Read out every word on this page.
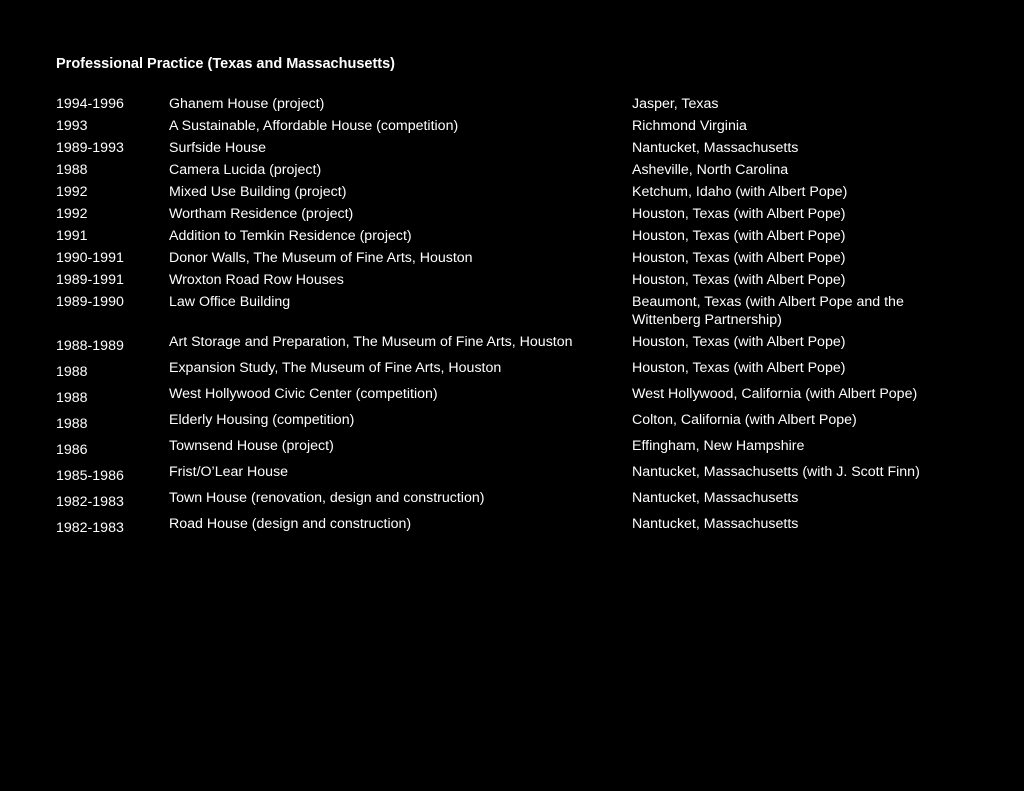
Professional Practice (Texas and Massachusetts)
1994-1996	Ghanem House (project)	Jasper, Texas
1993	A Sustainable, Affordable House (competition)	Richmond Virginia
1989-1993	Surfside House	Nantucket, Massachusetts
1988	Camera Lucida (project)	Asheville, North Carolina
1992	Mixed Use Building (project)	Ketchum, Idaho (with Albert Pope)
1992	Wortham Residence (project)	Houston, Texas (with Albert Pope)
1991	Addition to Temkin Residence (project)	Houston, Texas (with Albert Pope)
1990-1991	Donor Walls, The Museum of Fine Arts, Houston	Houston, Texas (with Albert Pope)
1989-1991	Wroxton Road Row Houses	Houston, Texas (with Albert Pope)
1989-1990	Law Office Building	Beaumont, Texas (with Albert Pope and the Wittenberg Partnership)
1988-1989	Art Storage and Preparation, The Museum of Fine Arts, Houston	Houston, Texas (with Albert Pope)
1988	Expansion Study, The Museum of Fine Arts, Houston	Houston, Texas (with Albert Pope)
1988	West Hollywood Civic Center (competition)	West Hollywood, California (with Albert Pope)
1988	Elderly Housing (competition)	Colton, California (with Albert Pope)
1986	Townsend House (project)	Effingham, New Hampshire
1985-1986	Frist/O’Lear House	Nantucket, Massachusetts (with J. Scott Finn)
1982-1983	Town House (renovation, design and construction)	Nantucket, Massachusetts
1982-1983	Road House (design and construction)	Nantucket, Massachusetts
